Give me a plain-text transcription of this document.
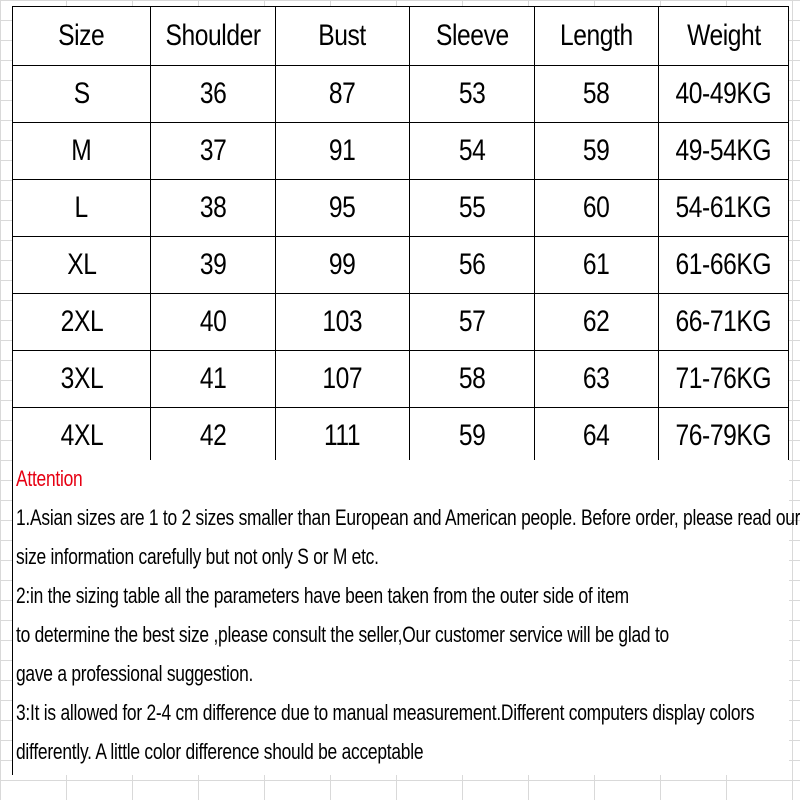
Size	Shoulder	Bust	Sleeve	Length	Weight
S	36	87	53	58	40-49KG
M	37	91	54	59	49-54KG
L	38	95	55	60	54-61KG
XL	39	99	56	61	61-66KG
2XL	40	103	57	62	66-71KG
3XL	41	107	58	63	71-76KG
4XL	42	111	59	64	76-79KG
Attention
1.Asian sizes are 1 to 2 sizes smaller than European and American people. Before order, please read our
size information carefully but not only S or M etc.
2:in the sizing table all the parameters have been taken from the outer side of item
to determine the best size ,please consult the seller,Our customer service will be glad to
gave a professional suggestion.
3:It is allowed for 2-4 cm difference due to manual measurement.Different computers display colors
differently. A little color difference should be acceptable
